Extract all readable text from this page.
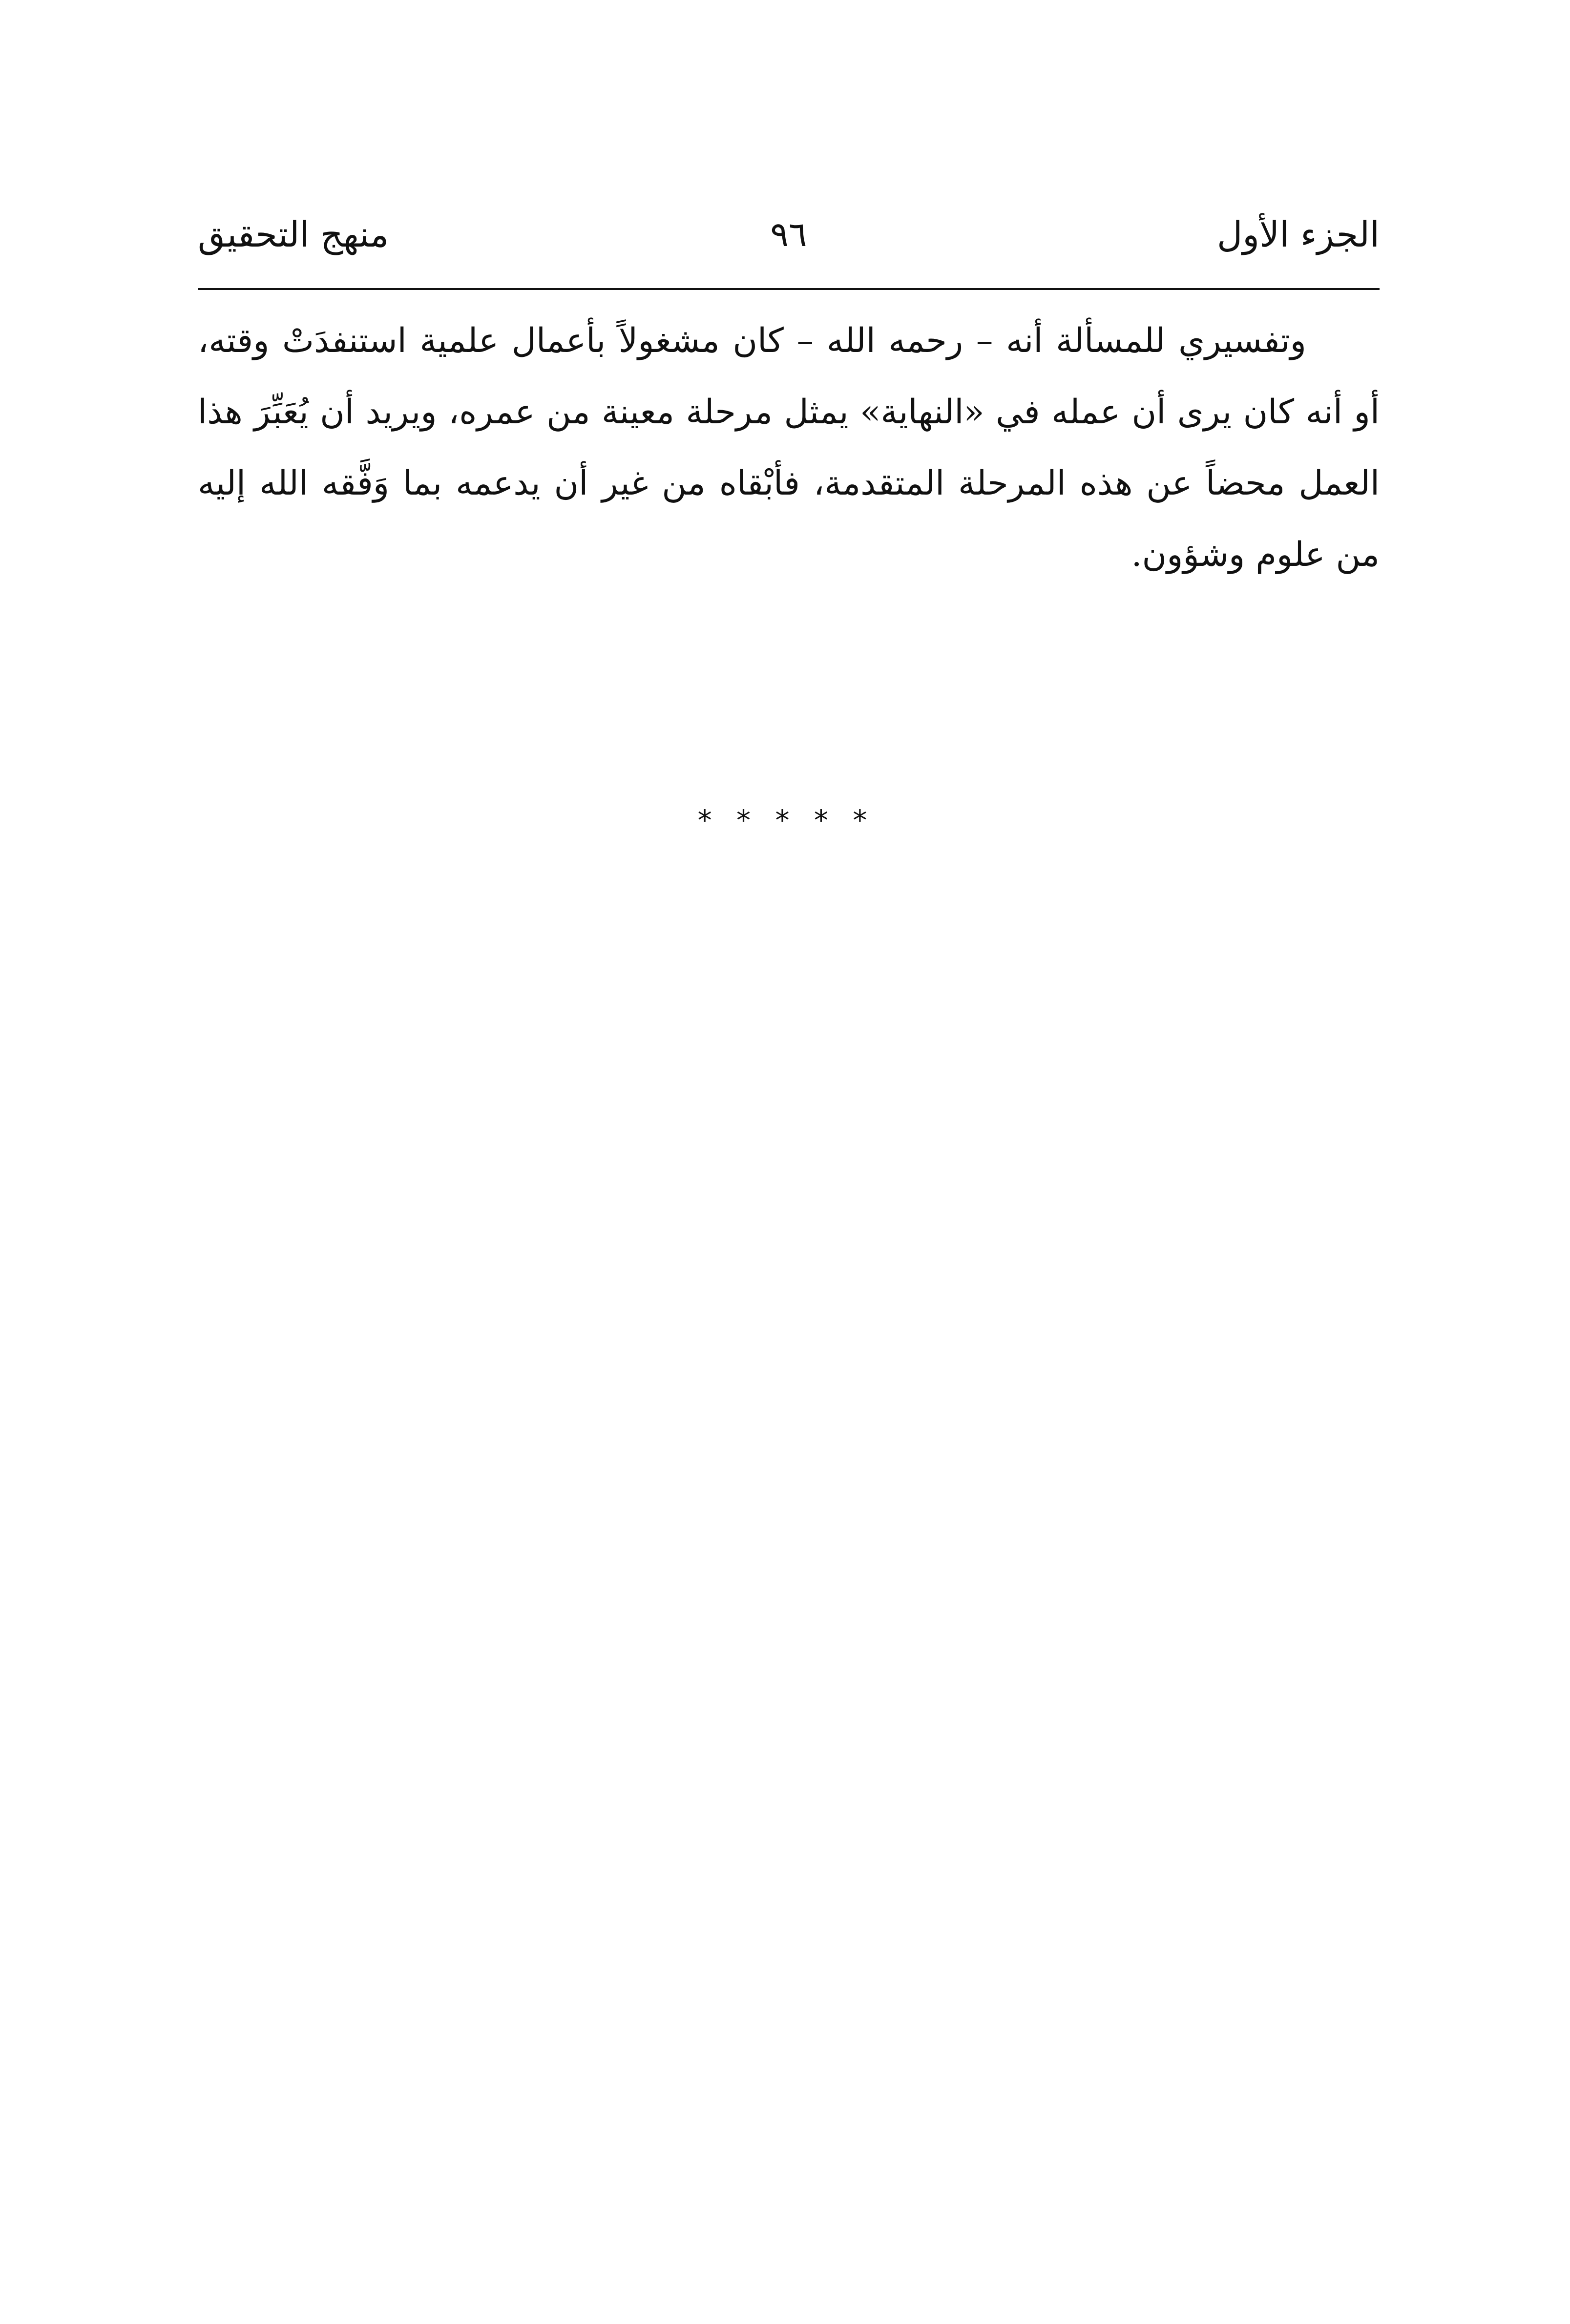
الجزء الأول
٩٦
منهج التحقيق

وتفسيري للمسألة أنه – رحمه الله – كان مشغولاً بأعمال علمية استنفدَتْ وقته، أو أنه كان يرى أن عمله في «النهاية» يمثل مرحلة معينة من عمره، ويريد أن يُعَبِّرَ هذا العمل محضاً عن هذه المرحلة المتقدمة، فأبْقاه من غير أن يدعمه بما وَفَّقه الله إليه من علوم وشؤون.

* * * * *
